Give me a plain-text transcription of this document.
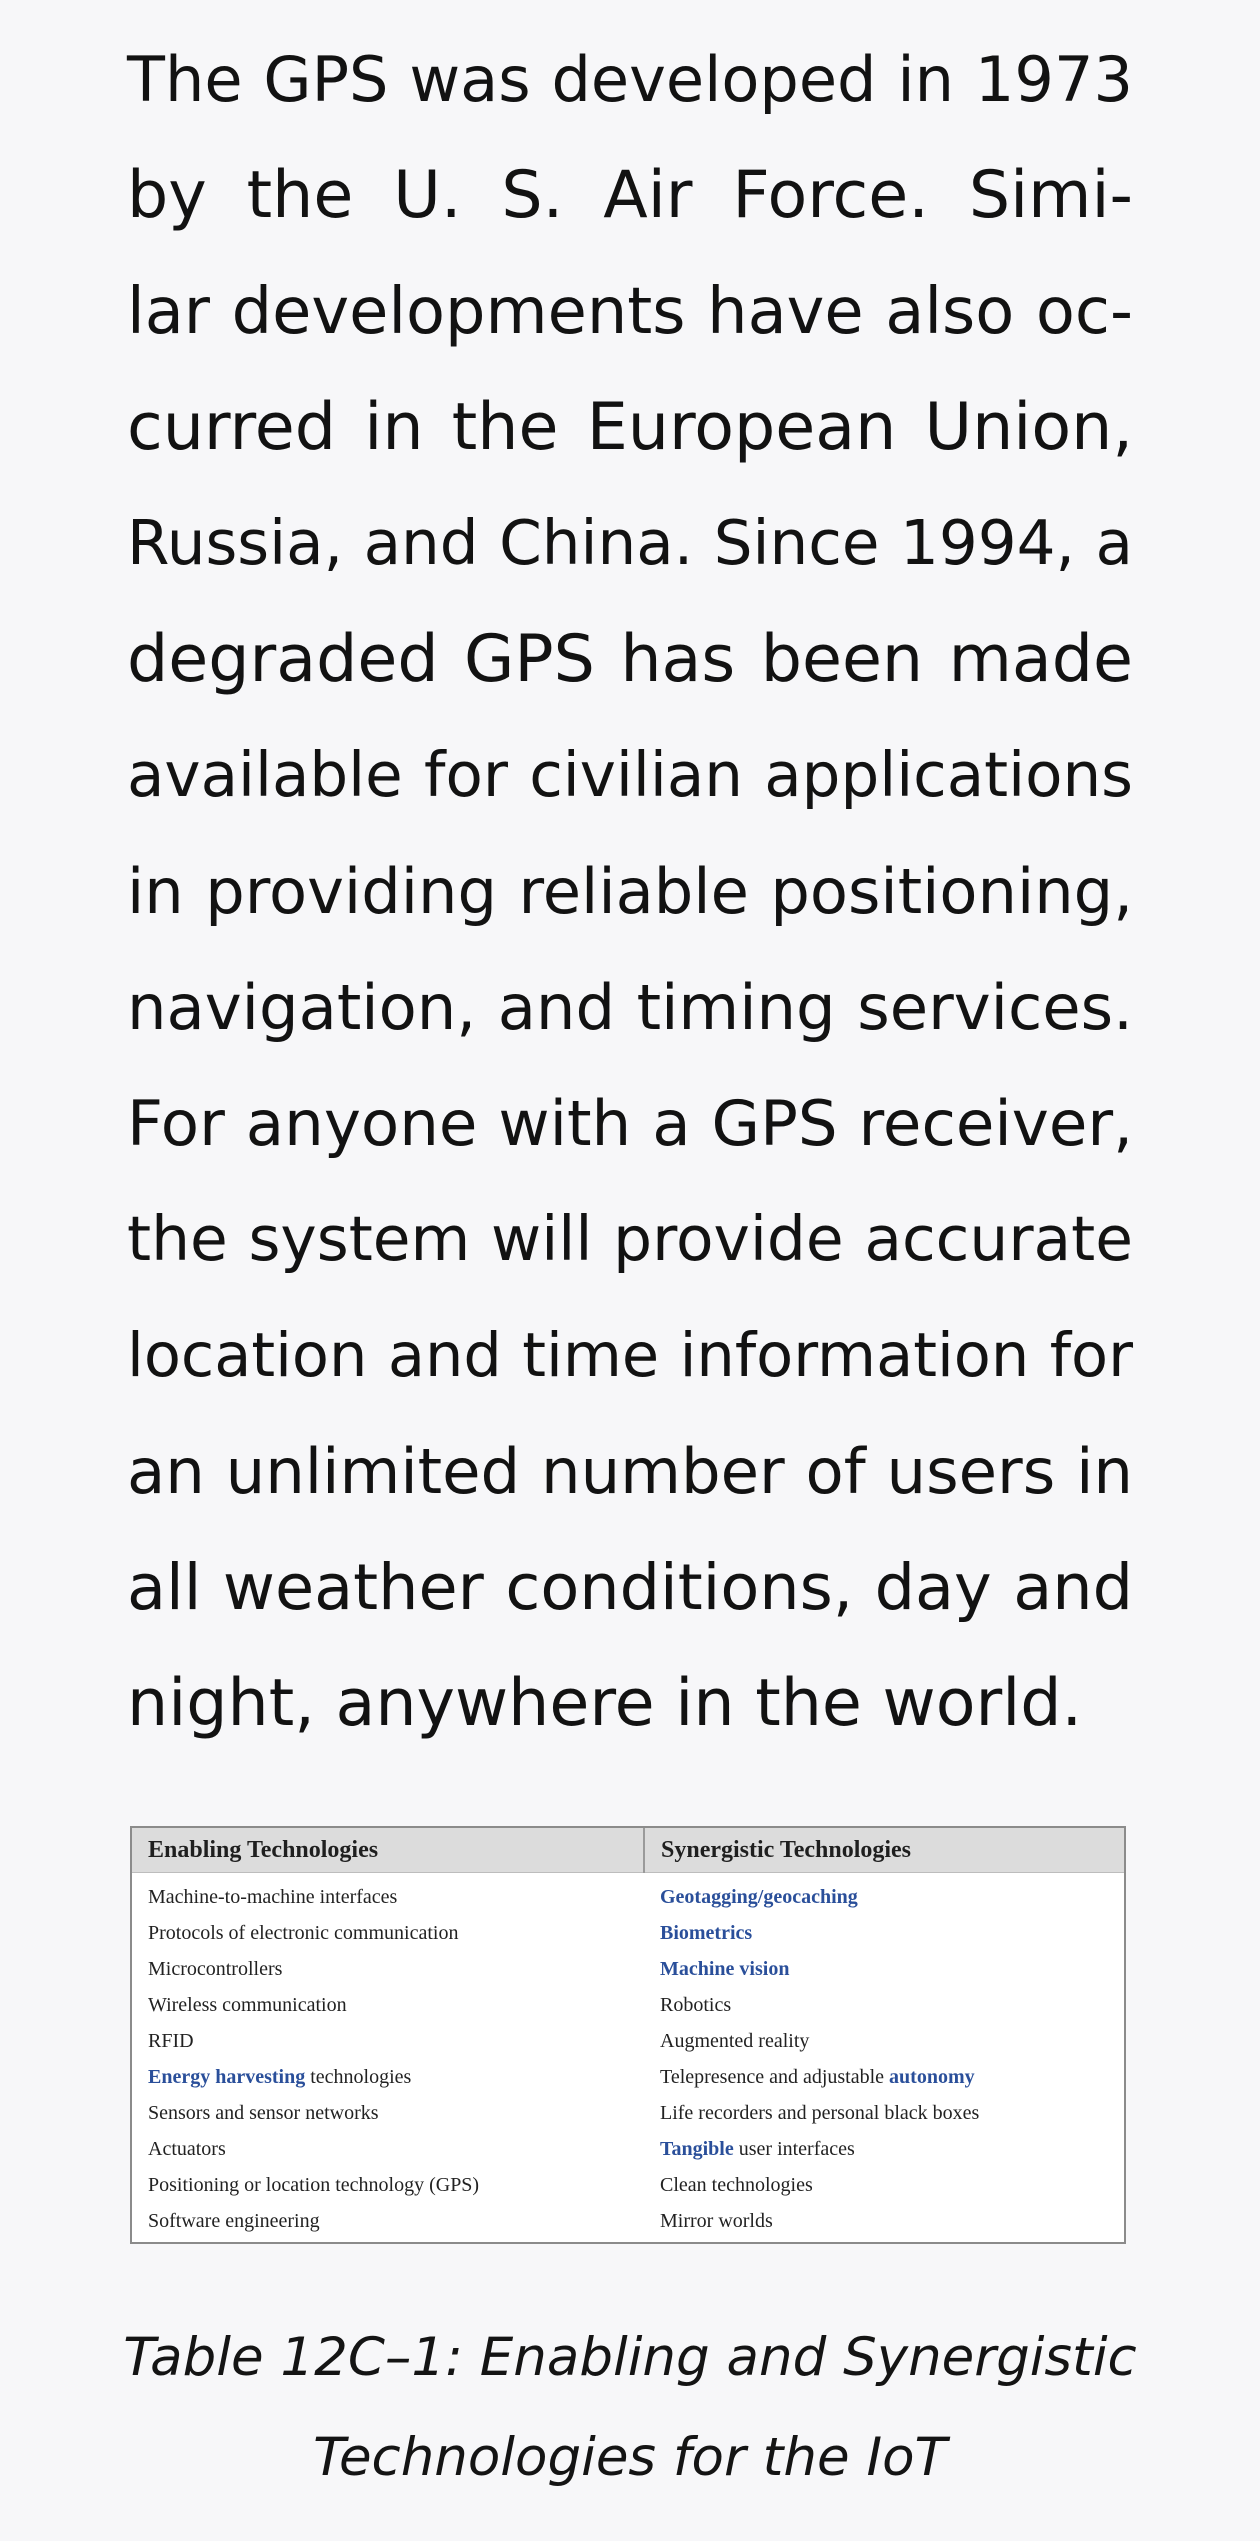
The GPS was developed in 1973
by the U. S. Air Force. Simi-
lar developments have also oc-
curred in the European Union,
Russia, and China. Since 1994, a
degraded GPS has been made
available for civilian applications
in providing reliable positioning,
navigation, and timing services.
For anyone with a GPS receiver,
the system will provide accurate
location and time information for
an unlimited number of users in
all weather conditions, day and
night, anywhere in the world.
Enabling Technologies	Synergistic Technologies
Machine-to-machine interfaces	Geotagging/geocaching
Protocols of electronic communication	Biometrics
Microcontrollers	Machine vision
Wireless communication	Robotics
RFID	Augmented reality
Energy harvesting technologies	Telepresence and adjustable autonomy
Sensors and sensor networks	Life recorders and personal black boxes
Actuators	Tangible user interfaces
Positioning or location technology (GPS)	Clean technologies
Software engineering	Mirror worlds

Table 12C–1: Enabling and Synergistic
Technologies for the IoT
